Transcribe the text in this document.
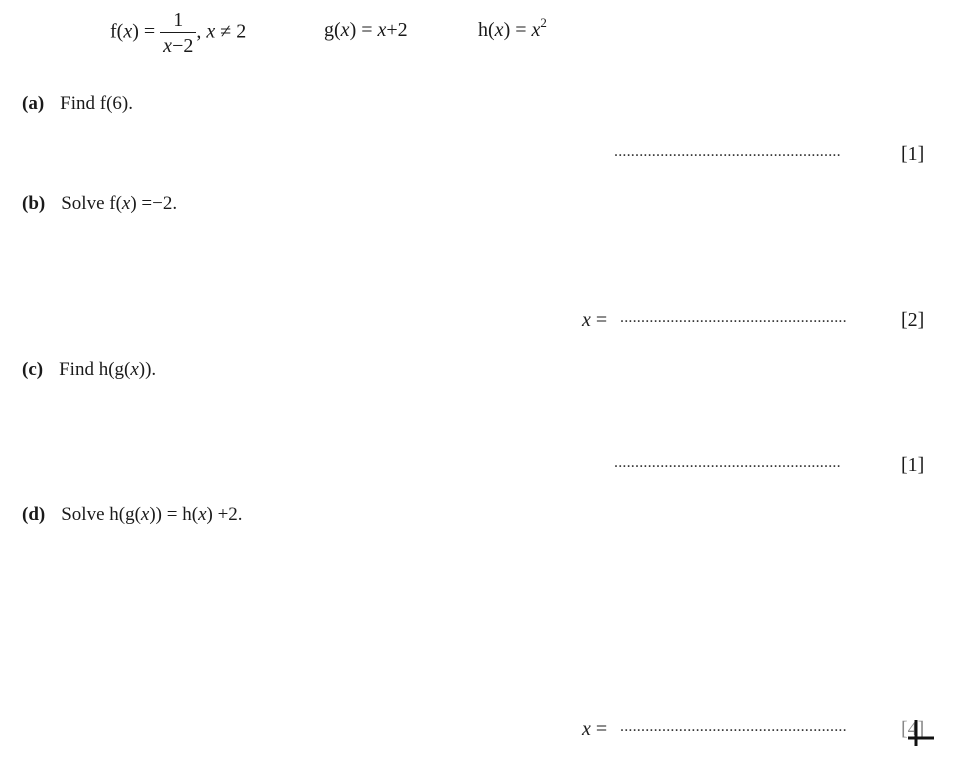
$f(x) = \frac{1}{x-2}$ , x ≠ 2	g(x) = x+2	$h(x) = x^2$
(a) Find f(6).
......................................................	[1]
(b) Solve f(x) =−2.
x = ......................................................	[2]
(c) Find h(g(x)).
......................................................	[1]
(d) Solve h(g(x)) = h(x) +2.
x = ......................................................	[4]
